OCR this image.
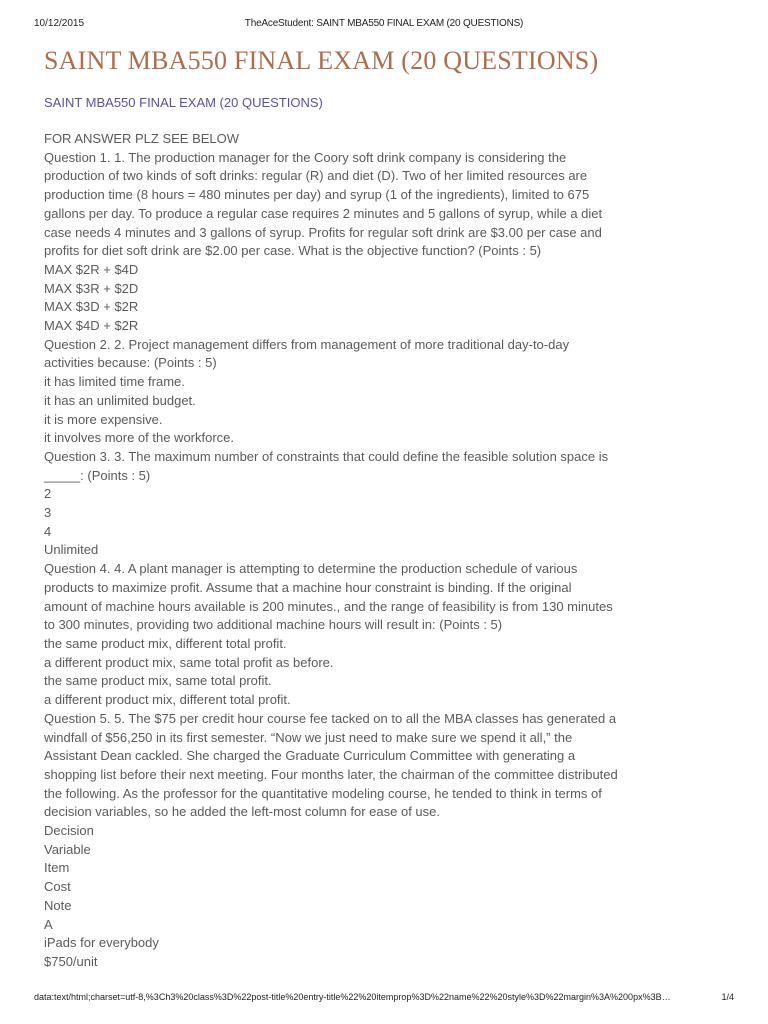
10/12/2015	TheAceStudent: SAINT MBA550 FINAL EXAM (20 QUESTIONS)
SAINT MBA550 FINAL EXAM (20 QUESTIONS)
SAINT MBA550 FINAL EXAM (20 QUESTIONS)
FOR ANSWER PLZ SEE BELOW
Question 1. 1. The production manager for the Coory soft drink company is considering the
production of two kinds of soft drinks: regular (R) and diet (D). Two of her limited resources are
production time (8 hours = 480 minutes per day) and syrup (1 of the ingredients), limited to 675
gallons per day. To produce a regular case requires 2 minutes and 5 gallons of syrup, while a diet
case needs 4 minutes and 3 gallons of syrup. Profits for regular soft drink are $3.00 per case and
profits for diet soft drink are $2.00 per case. What is the objective function? (Points : 5)
MAX $2R + $4D
MAX $3R + $2D
MAX $3D + $2R
MAX $4D + $2R
Question 2. 2. Project management differs from management of more traditional day-to-day
activities because: (Points : 5)
it has limited time frame.
it has an unlimited budget.
it is more expensive.
it involves more of the workforce.
Question 3. 3. The maximum number of constraints that could define the feasible solution space is
_____: (Points : 5)
2
3
4
Unlimited
Question 4. 4. A plant manager is attempting to determine the production schedule of various
products to maximize profit. Assume that a machine hour constraint is binding. If the original
amount of machine hours available is 200 minutes., and the range of feasibility is from 130 minutes
to 300 minutes, providing two additional machine hours will result in: (Points : 5)
the same product mix, different total profit.
a different product mix, same total profit as before.
the same product mix, same total profit.
a different product mix, different total profit.
Question 5. 5. The $75 per credit hour course fee tacked on to all the MBA classes has generated a
windfall of $56,250 in its first semester. “Now we just need to make sure we spend it all,” the
Assistant Dean cackled. She charged the Graduate Curriculum Committee with generating a
shopping list before their next meeting. Four months later, the chairman of the committee distributed
the following. As the professor for the quantitative modeling course, he tended to think in terms of
decision variables, so he added the left-most column for ease of use.
Decision
Variable
Item
Cost
Note
A
iPads for everybody
$750/unit
data:text/html;charset=utf-8,%3Ch3%20class%3D%22post-title%20entry-title%22%20itemprop%3D%22name%22%20style%3D%22margin%3A%200px%3B…	1/4
